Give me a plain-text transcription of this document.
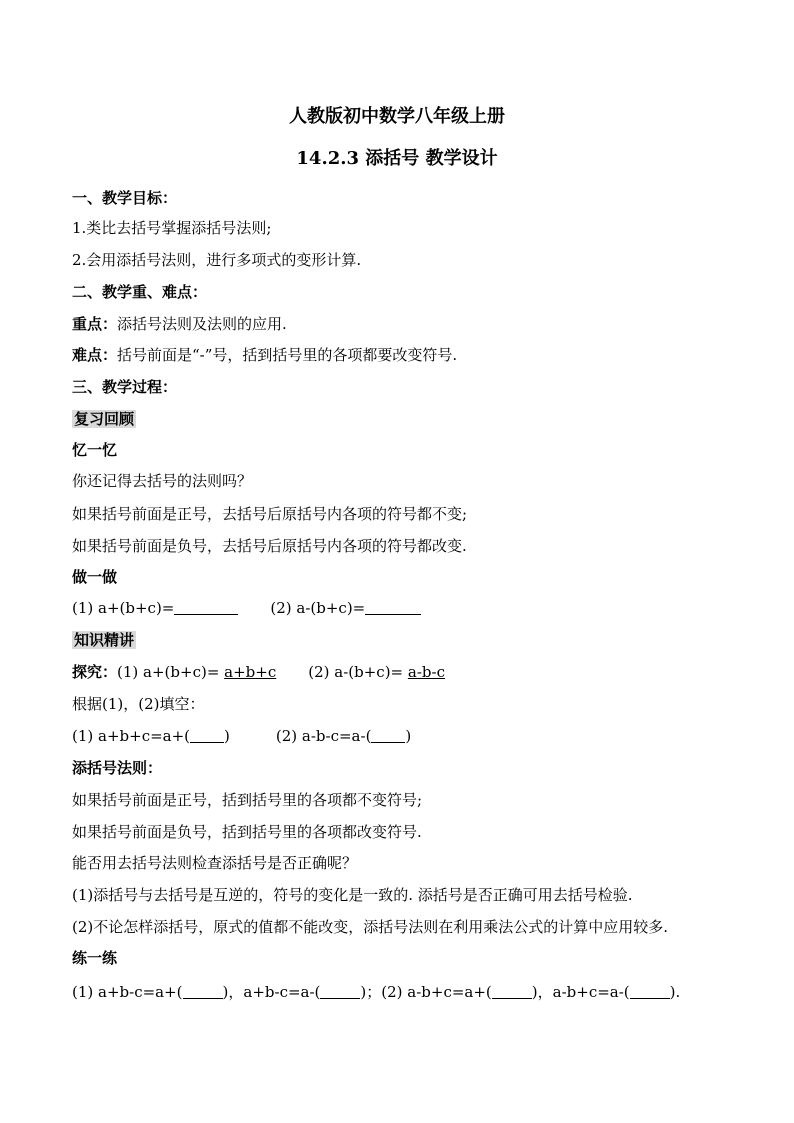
人教版初中数学八年级上册
14.2.3 添括号 教学设计
一、教学目标：
1.类比去括号掌握添括号法则;
2.会用添括号法则，进行多项式的变形计算.
二、教学重、难点：
重点：添括号法则及法则的应用.
难点：括号前面是“-”号，括到括号里的各项都要改变符号.
三、教学过程：
复习回顾
忆一忆
你还记得去括号的法则吗？
如果括号前面是正号，去括号后原括号内各项的符号都不变;
如果括号前面是负号，去括号后原括号内各项的符号都改变.
做一做
(1) a+(b+c)=	(2) a-(b+c)=
知识精讲
探究：(1) a+(b+c)= a+b+c (2) a-(b+c)= a-b-c
根据(1)，(2)填空：
(1) a+b+c=a+( )	(2) a-b-c=a-( )
添括号法则：
如果括号前面是正号，括到括号里的各项都不变符号;
如果括号前面是负号，括到括号里的各项都改变符号.
能否用去括号法则检查添括号是否正确呢？
(1)添括号与去括号是互逆的，符号的变化是一致的. 添括号是否正确可用去括号检验.
(2)不论怎样添括号，原式的值都不能改变，添括号法则在利用乘法公式的计算中应用较多.
练一练
(1) a+b-c=a+(	)，a+b-c=a-(	)；(2) a-b+c=a+(	)，a-b+c=a-(	).
